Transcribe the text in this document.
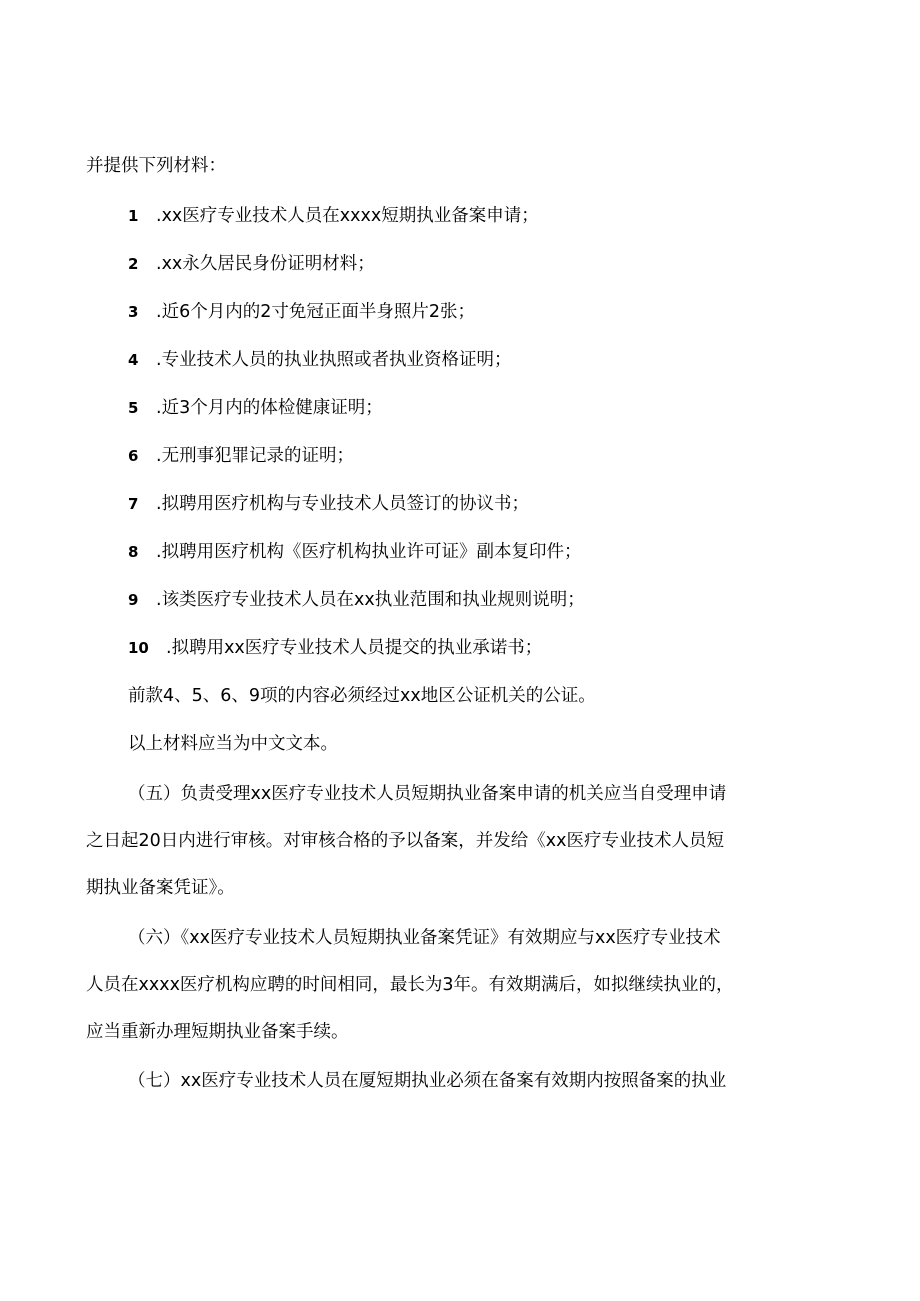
并提供下列材料：
1 .xx医疗专业技术人员在xxxx短期执业备案申请；
2 .xx永久居民身份证明材料；
3 .近6个月内的2寸免冠正面半身照片2张；
4 .专业技术人员的执业执照或者执业资格证明；
5 .近3个月内的体检健康证明；
6 .无刑事犯罪记录的证明；
7 .拟聘用医疗机构与专业技术人员签订的协议书；
8 .拟聘用医疗机构《医疗机构执业许可证》副本复印件；
9 .该类医疗专业技术人员在xx执业范围和执业规则说明；
10 .拟聘用xx医疗专业技术人员提交的执业承诺书；
前款4、5、6、9项的内容必须经过xx地区公证机关的公证。
以上材料应当为中文文本。
（五）负责受理xx医疗专业技术人员短期执业备案申请的机关应当自受理申请
之日起20日内进行审核。对审核合格的予以备案，并发给《xx医疗专业技术人员短
期执业备案凭证》。
（六）《xx医疗专业技术人员短期执业备案凭证》有效期应与xx医疗专业技术
人员在xxxx医疗机构应聘的时间相同，最长为3年。有效期满后，如拟继续执业的，
应当重新办理短期执业备案手续。
（七）xx医疗专业技术人员在厦短期执业必须在备案有效期内按照备案的执业
